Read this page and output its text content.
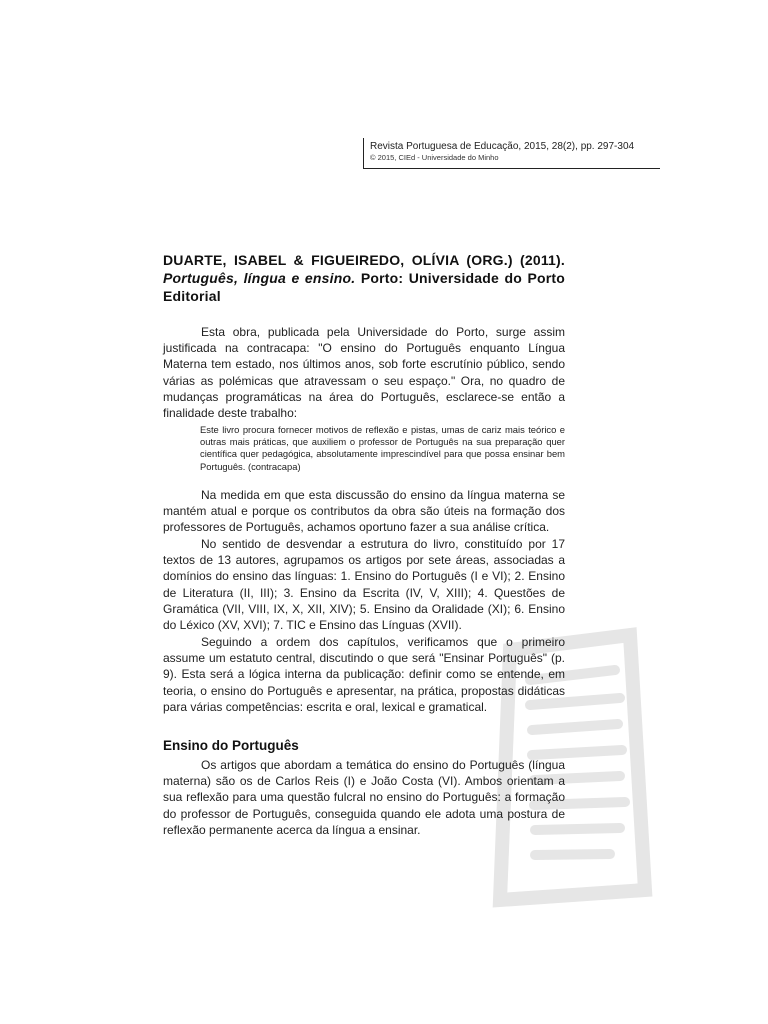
Revista Portuguesa de Educação, 2015, 28(2), pp. 297-304
© 2015, CIEd - Universidade do Minho
DUARTE, ISABEL & FIGUEIREDO, OLÍVIA (ORG.) (2011). Português, língua e ensino. Porto: Universidade do Porto Editorial

Esta obra, publicada pela Universidade do Porto, surge assim justificada na contracapa: "O ensino do Português enquanto Língua Materna tem estado, nos últimos anos, sob forte escrutínio público, sendo várias as polémicas que atravessam o seu espaço." Ora, no quadro de mudanças programáticas na área do Português, esclarece-se então a finalidade deste trabalho:

Este livro procura fornecer motivos de reflexão e pistas, umas de cariz mais teórico e outras mais práticas, que auxiliem o professor de Português na sua preparação quer científica quer pedagógica, absolutamente imprescindível para que possa ensinar bem Português. (contracapa)

Na medida em que esta discussão do ensino da língua materna se mantém atual e porque os contributos da obra são úteis na formação dos professores de Português, achamos oportuno fazer a sua análise crítica.

No sentido de desvendar a estrutura do livro, constituído por 17 textos de 13 autores, agrupamos os artigos por sete áreas, associadas a domínios do ensino das línguas: 1. Ensino do Português (I e VI); 2. Ensino de Literatura (II, III); 3. Ensino da Escrita (IV, V, XIII); 4. Questões de Gramática (VII, VIII, IX, X, XII, XIV); 5. Ensino da Oralidade (XI); 6. Ensino do Léxico (XV, XVI); 7. TIC e Ensino das Línguas (XVII).

Seguindo a ordem dos capítulos, verificamos que o primeiro assume um estatuto central, discutindo o que será "Ensinar Português" (p. 9). Esta será a lógica interna da publicação: definir como se entende, em teoria, o ensino do Português e apresentar, na prática, propostas didáticas para várias competências: escrita e oral, lexical e gramatical.

Ensino do Português

Os artigos que abordam a temática do ensino do Português (língua materna) são os de Carlos Reis (I) e João Costa (VI). Ambos orientam a sua reflexão para uma questão fulcral no ensino do Português: a formação do professor de Português, conseguida quando ele adota uma postura de reflexão permanente acerca da língua a ensinar.
